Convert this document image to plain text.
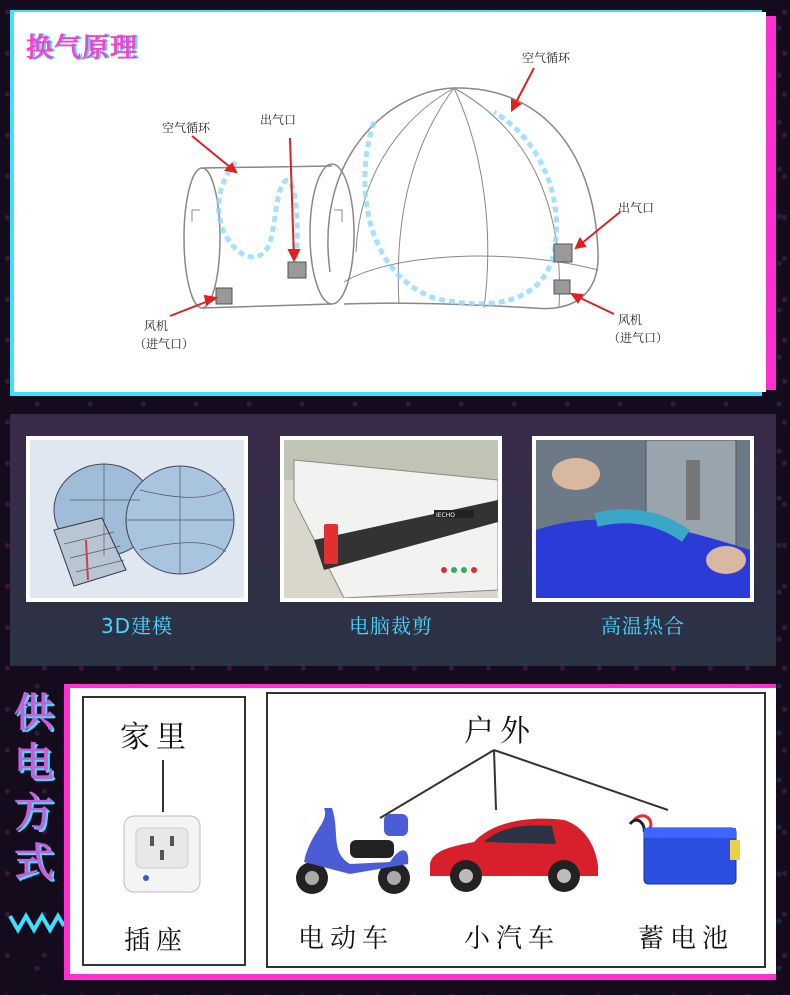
空气循环
出气口
空气循环
出气口
风机
（进气口）
风机
（进气口）
换气原理
IECHO
3D建模	电脑裁剪	高温热合
供
电
方
式
家里
插座
户外
电动车	小汽车	蓄电池
